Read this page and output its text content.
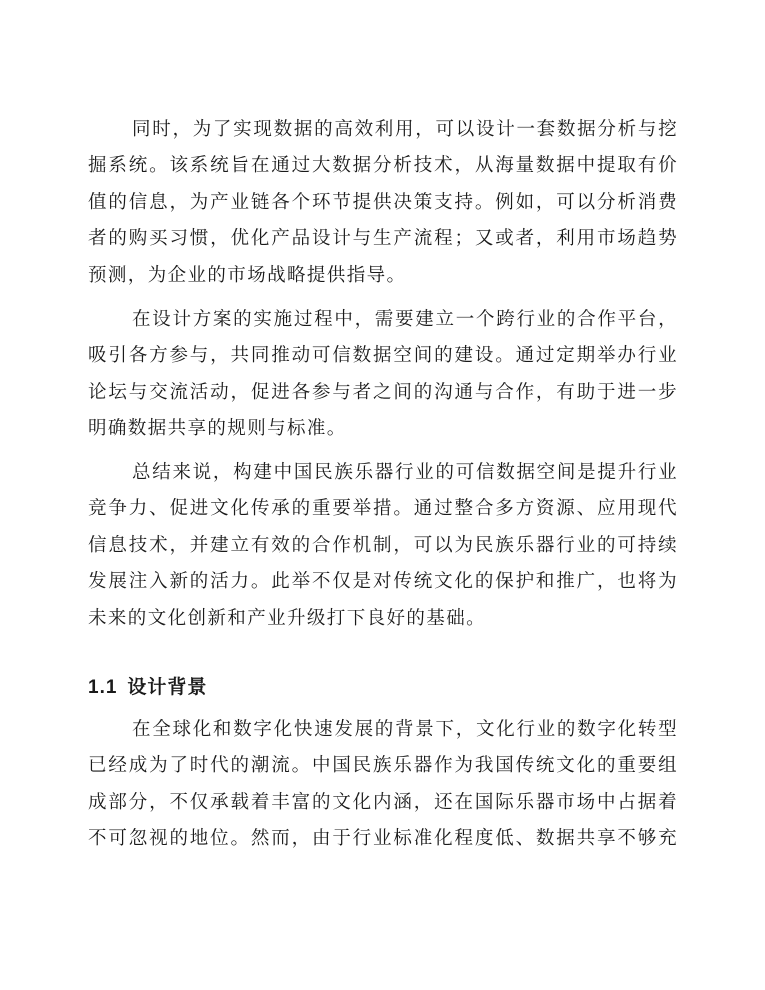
同时，为了实现数据的高效利用，可以设计一套数据分析与挖
掘系统。该系统旨在通过大数据分析技术，从海量数据中提取有价
值的信息，为产业链各个环节提供决策支持。例如，可以分析消费
者的购买习惯，优化产品设计与生产流程；又或者，利用市场趋势
预测，为企业的市场战略提供指导。
在设计方案的实施过程中，需要建立一个跨行业的合作平台，
吸引各方参与，共同推动可信数据空间的建设。通过定期举办行业
论坛与交流活动，促进各参与者之间的沟通与合作，有助于进一步
明确数据共享的规则与标准。
总结来说，构建中国民族乐器行业的可信数据空间是提升行业
竞争力、促进文化传承的重要举措。通过整合多方资源、应用现代
信息技术，并建立有效的合作机制，可以为民族乐器行业的可持续
发展注入新的活力。此举不仅是对传统文化的保护和推广，也将为
未来的文化创新和产业升级打下良好的基础。
1.1 设计背景
在全球化和数字化快速发展的背景下，文化行业的数字化转型
已经成为了时代的潮流。中国民族乐器作为我国传统文化的重要组
成部分，不仅承载着丰富的文化内涵，还在国际乐器市场中占据着
不可忽视的地位。然而，由于行业标准化程度低、数据共享不够充
